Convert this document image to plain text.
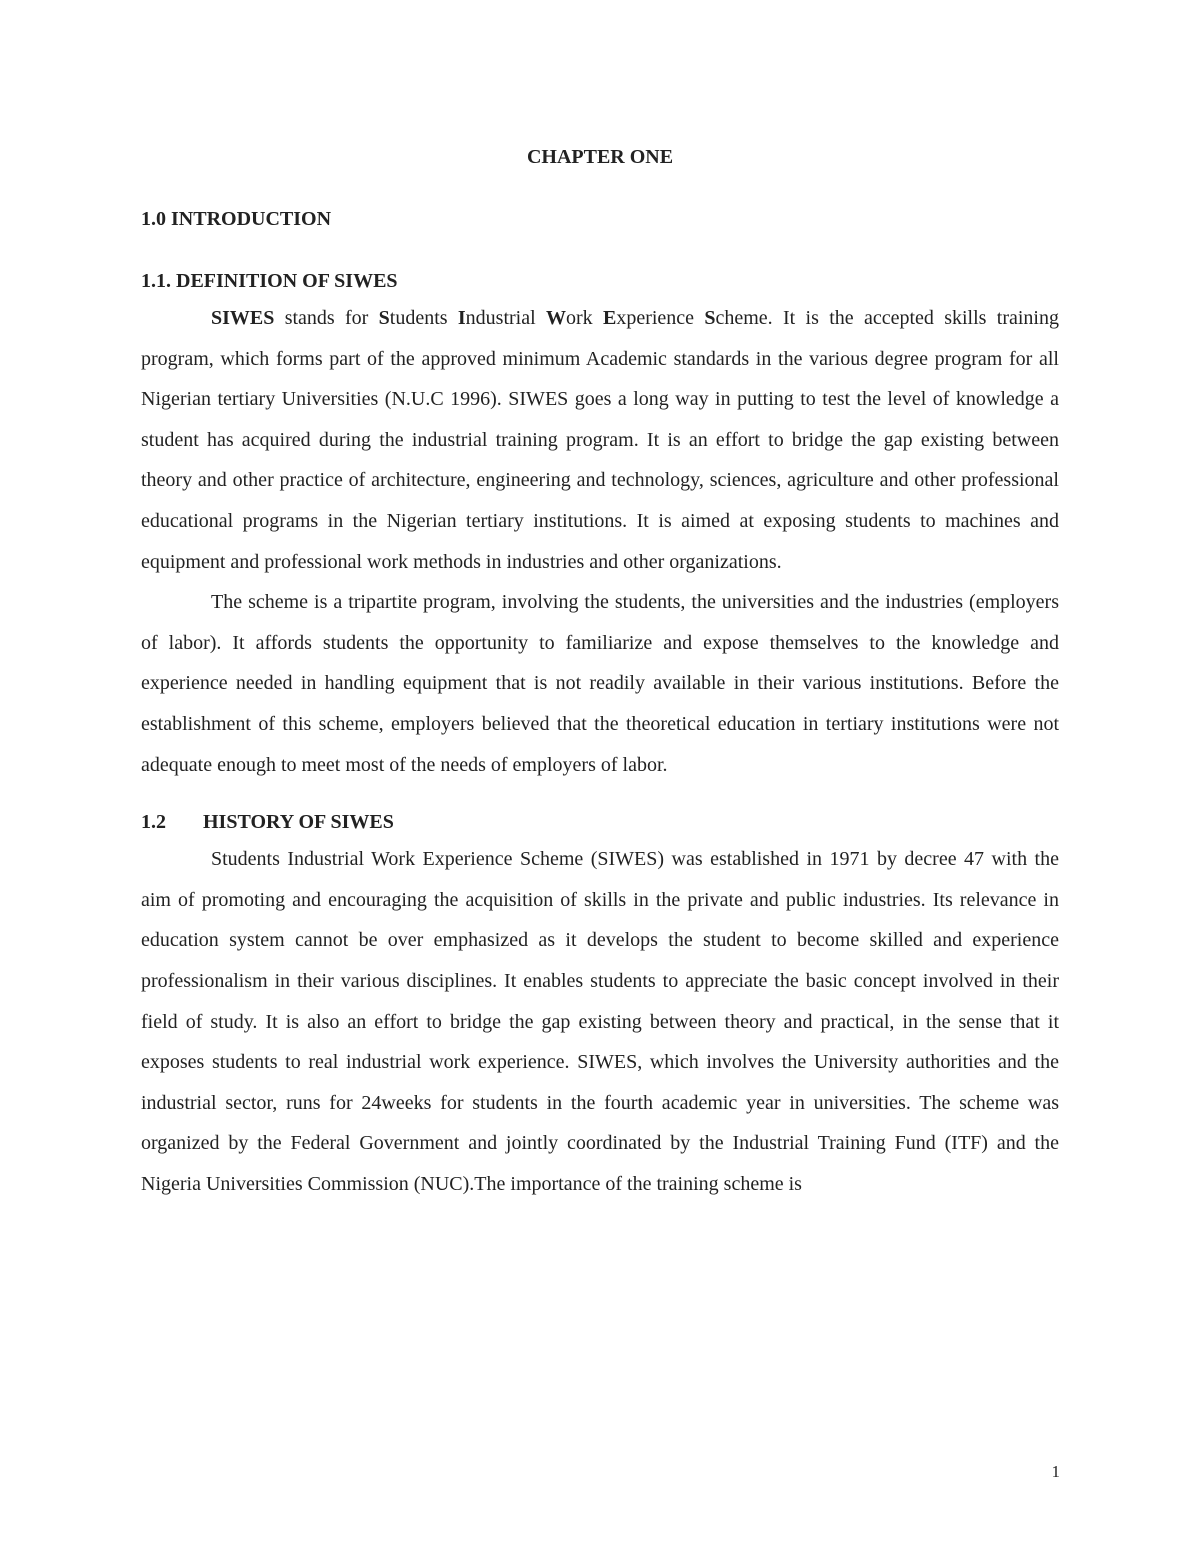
CHAPTER ONE
1.0 INTRODUCTION
1.1. DEFINITION OF SIWES

SIWES stands for Students Industrial Work Experience Scheme. It is the accepted skills training program, which forms part of the approved minimum Academic standards in the various degree program for all Nigerian tertiary Universities (N.U.C 1996). SIWES goes a long way in putting to test the level of knowledge a student has acquired during the industrial training program. It is an effort to bridge the gap existing between theory and other practice of architecture, engineering and technology, sciences, agriculture and other professional educational programs in the Nigerian tertiary institutions. It is aimed at exposing students to machines and equipment and professional work methods in industries and other organizations.

The scheme is a tripartite program, involving the students, the universities and the industries (employers of labor). It affords students the opportunity to familiarize and expose themselves to the knowledge and experience needed in handling equipment that is not readily available in their various institutions. Before the establishment of this scheme, employers believed that the theoretical education in tertiary institutions were not adequate enough to meet most of the needs of employers of labor.

1.2 HISTORY OF SIWES

Students Industrial Work Experience Scheme (SIWES) was established in 1971 by decree 47 with the aim of promoting and encouraging the acquisition of skills in the private and public industries. Its relevance in education system cannot be over emphasized as it develops the student to become skilled and experience professionalism in their various disciplines. It enables students to appreciate the basic concept involved in their field of study. It is also an effort to bridge the gap existing between theory and practical, in the sense that it exposes students to real industrial work experience. SIWES, which involves the University authorities and the industrial sector, runs for 24weeks for students in the fourth academic year in universities. The scheme was organized by the Federal Government and jointly coordinated by the Industrial Training Fund (ITF) and the Nigeria Universities Commission (NUC).The importance of the training scheme is

1
